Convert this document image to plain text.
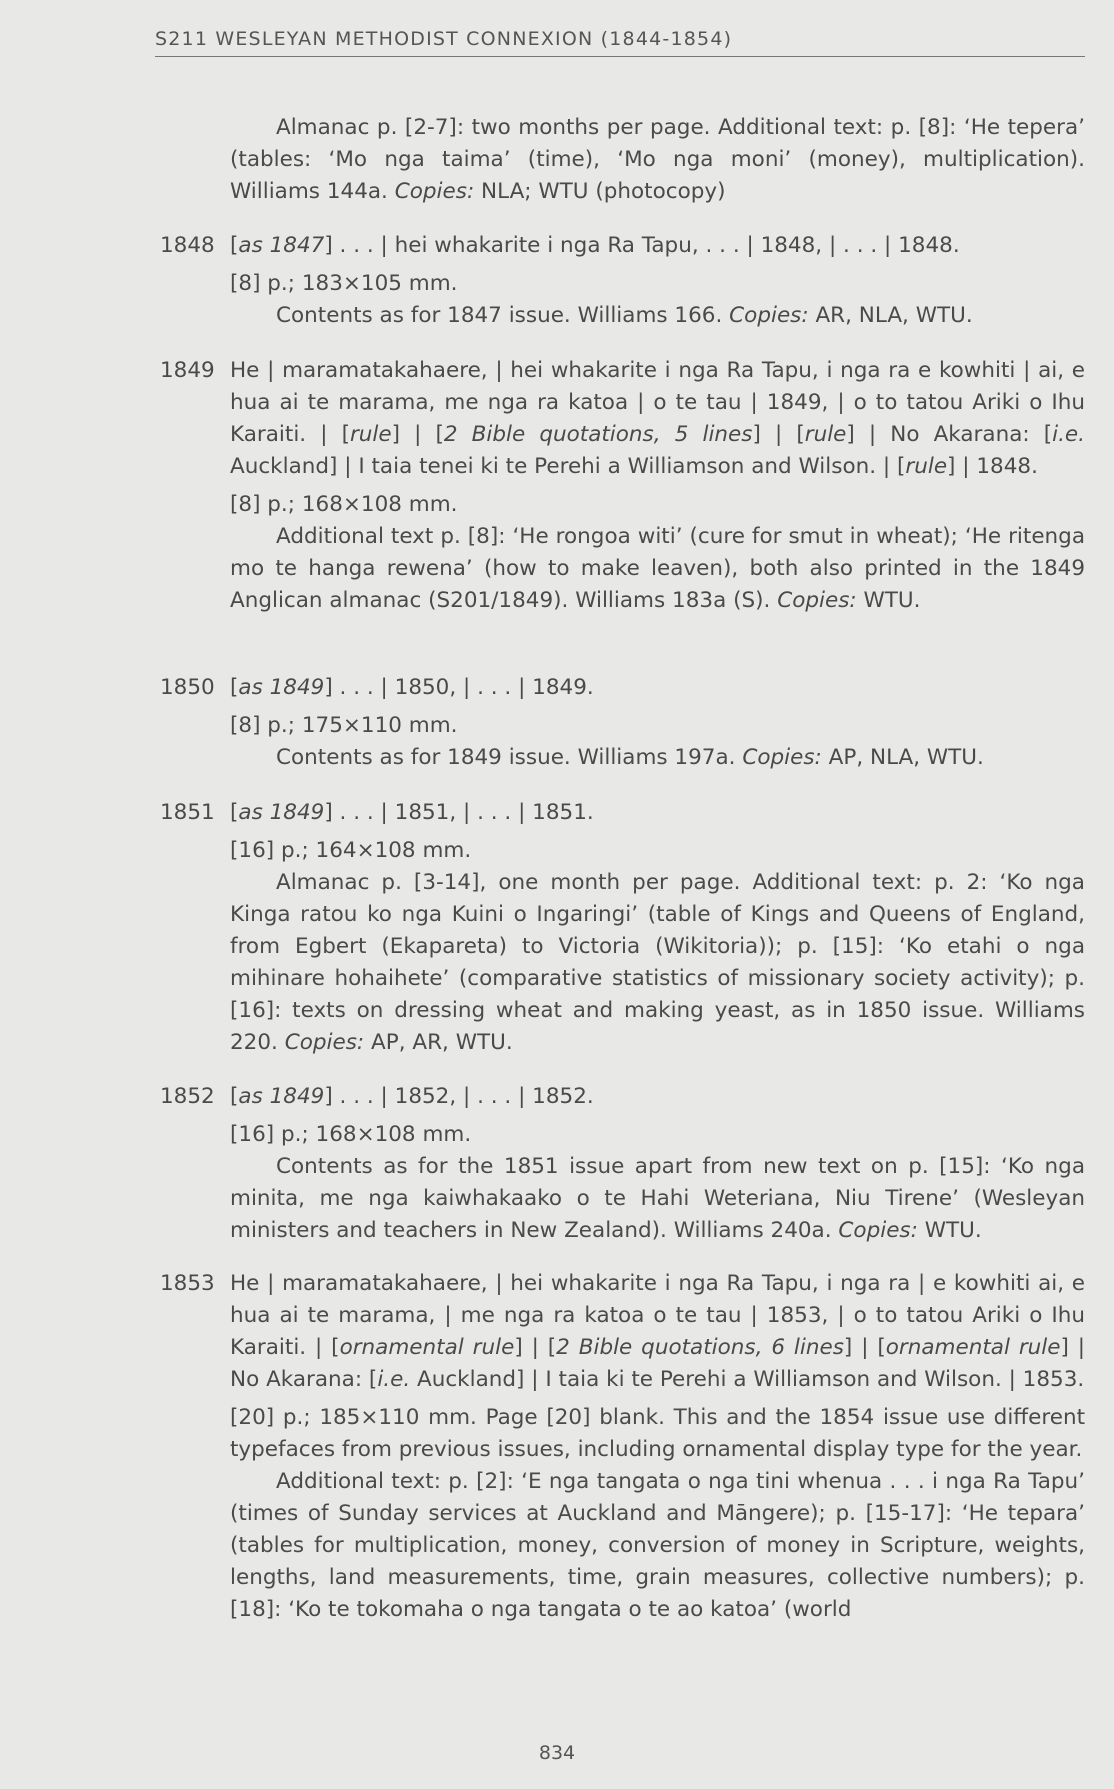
S211 WESLEYAN METHODIST CONNEXION (1844-1854)
Almanac p. [2-7]: two months per page. Additional text: p. [8]: ‘He tepera’ (tables: ‘Mo nga taima’ (time), ‘Mo nga moni’ (money), multiplication). Williams 144a. Copies: NLA; WTU (photocopy)
1848 [as 1847] . . . | hei whakarite i nga Ra Tapu, . . . | 1848, | . . . | 1848.
[8] p.; 183×105 mm.
Contents as for 1847 issue. Williams 166. Copies: AR, NLA, WTU.
1849 He | maramatakahaere, | hei whakarite i nga Ra Tapu, i nga ra e kowhiti | ai, e hua ai te marama, me nga ra katoa | o te tau | 1849, | o to tatou Ariki o Ihu Karaiti. | [rule] | [2 Bible quotations, 5 lines] | [rule] | No Akarana: [i.e. Auckland] | I taia tenei ki te Perehi a Williamson and Wilson. | [rule] | 1848.
[8] p.; 168×108 mm.
Additional text p. [8]: ‘He rongoa witi’ (cure for smut in wheat); ‘He ritenga mo te hanga rewena’ (how to make leaven), both also printed in the 1849 Anglican almanac (S201/1849). Williams 183a (S). Copies: WTU.
1850 [as 1849] . . . | 1850, | . . . | 1849.
[8] p.; 175×110 mm.
Contents as for 1849 issue. Williams 197a. Copies: AP, NLA, WTU.
1851 [as 1849] . . . | 1851, | . . . | 1851.
[16] p.; 164×108 mm.
Almanac p. [3-14], one month per page. Additional text: p. 2: ‘Ko nga Kinga ratou ko nga Kuini o Ingaringi’ (table of Kings and Queens of England, from Egbert (Ekapareta) to Victoria (Wikitoria)); p. [15]: ‘Ko etahi o nga mihinare hohaihete’ (comparative statistics of missionary society activity); p. [16]: texts on dressing wheat and making yeast, as in 1850 issue. Williams 220. Copies: AP, AR, WTU.
1852 [as 1849] . . . | 1852, | . . . | 1852.
[16] p.; 168×108 mm.
Contents as for the 1851 issue apart from new text on p. [15]: ‘Ko nga minita, me nga kaiwhakaako o te Hahi Weteriana, Niu Tirene’ (Wesleyan ministers and teachers in New Zealand). Williams 240a. Copies: WTU.
1853 He | maramatakahaere, | hei whakarite i nga Ra Tapu, i nga ra | e kowhiti ai, e hua ai te marama, | me nga ra katoa o te tau | 1853, | o to tatou Ariki o Ihu Karaiti. | [ornamental rule] | [2 Bible quotations, 6 lines] | [ornamental rule] | No Akarana: [i.e. Auckland] | I taia ki te Perehi a Williamson and Wilson. | 1853.
[20] p.; 185×110 mm. Page [20] blank. This and the 1854 issue use different typefaces from previous issues, including ornamental display type for the year.
Additional text: p. [2]: ‘E nga tangata o nga tini whenua . . . i nga Ra Tapu’ (times of Sunday services at Auckland and Māngere); p. [15-17]: ‘He tepara’ (tables for multiplication, money, conversion of money in Scripture, weights, lengths, land measurements, time, grain measures, collective numbers); p. [18]: ‘Ko te tokomaha o nga tangata o te ao katoa’ (world
834
